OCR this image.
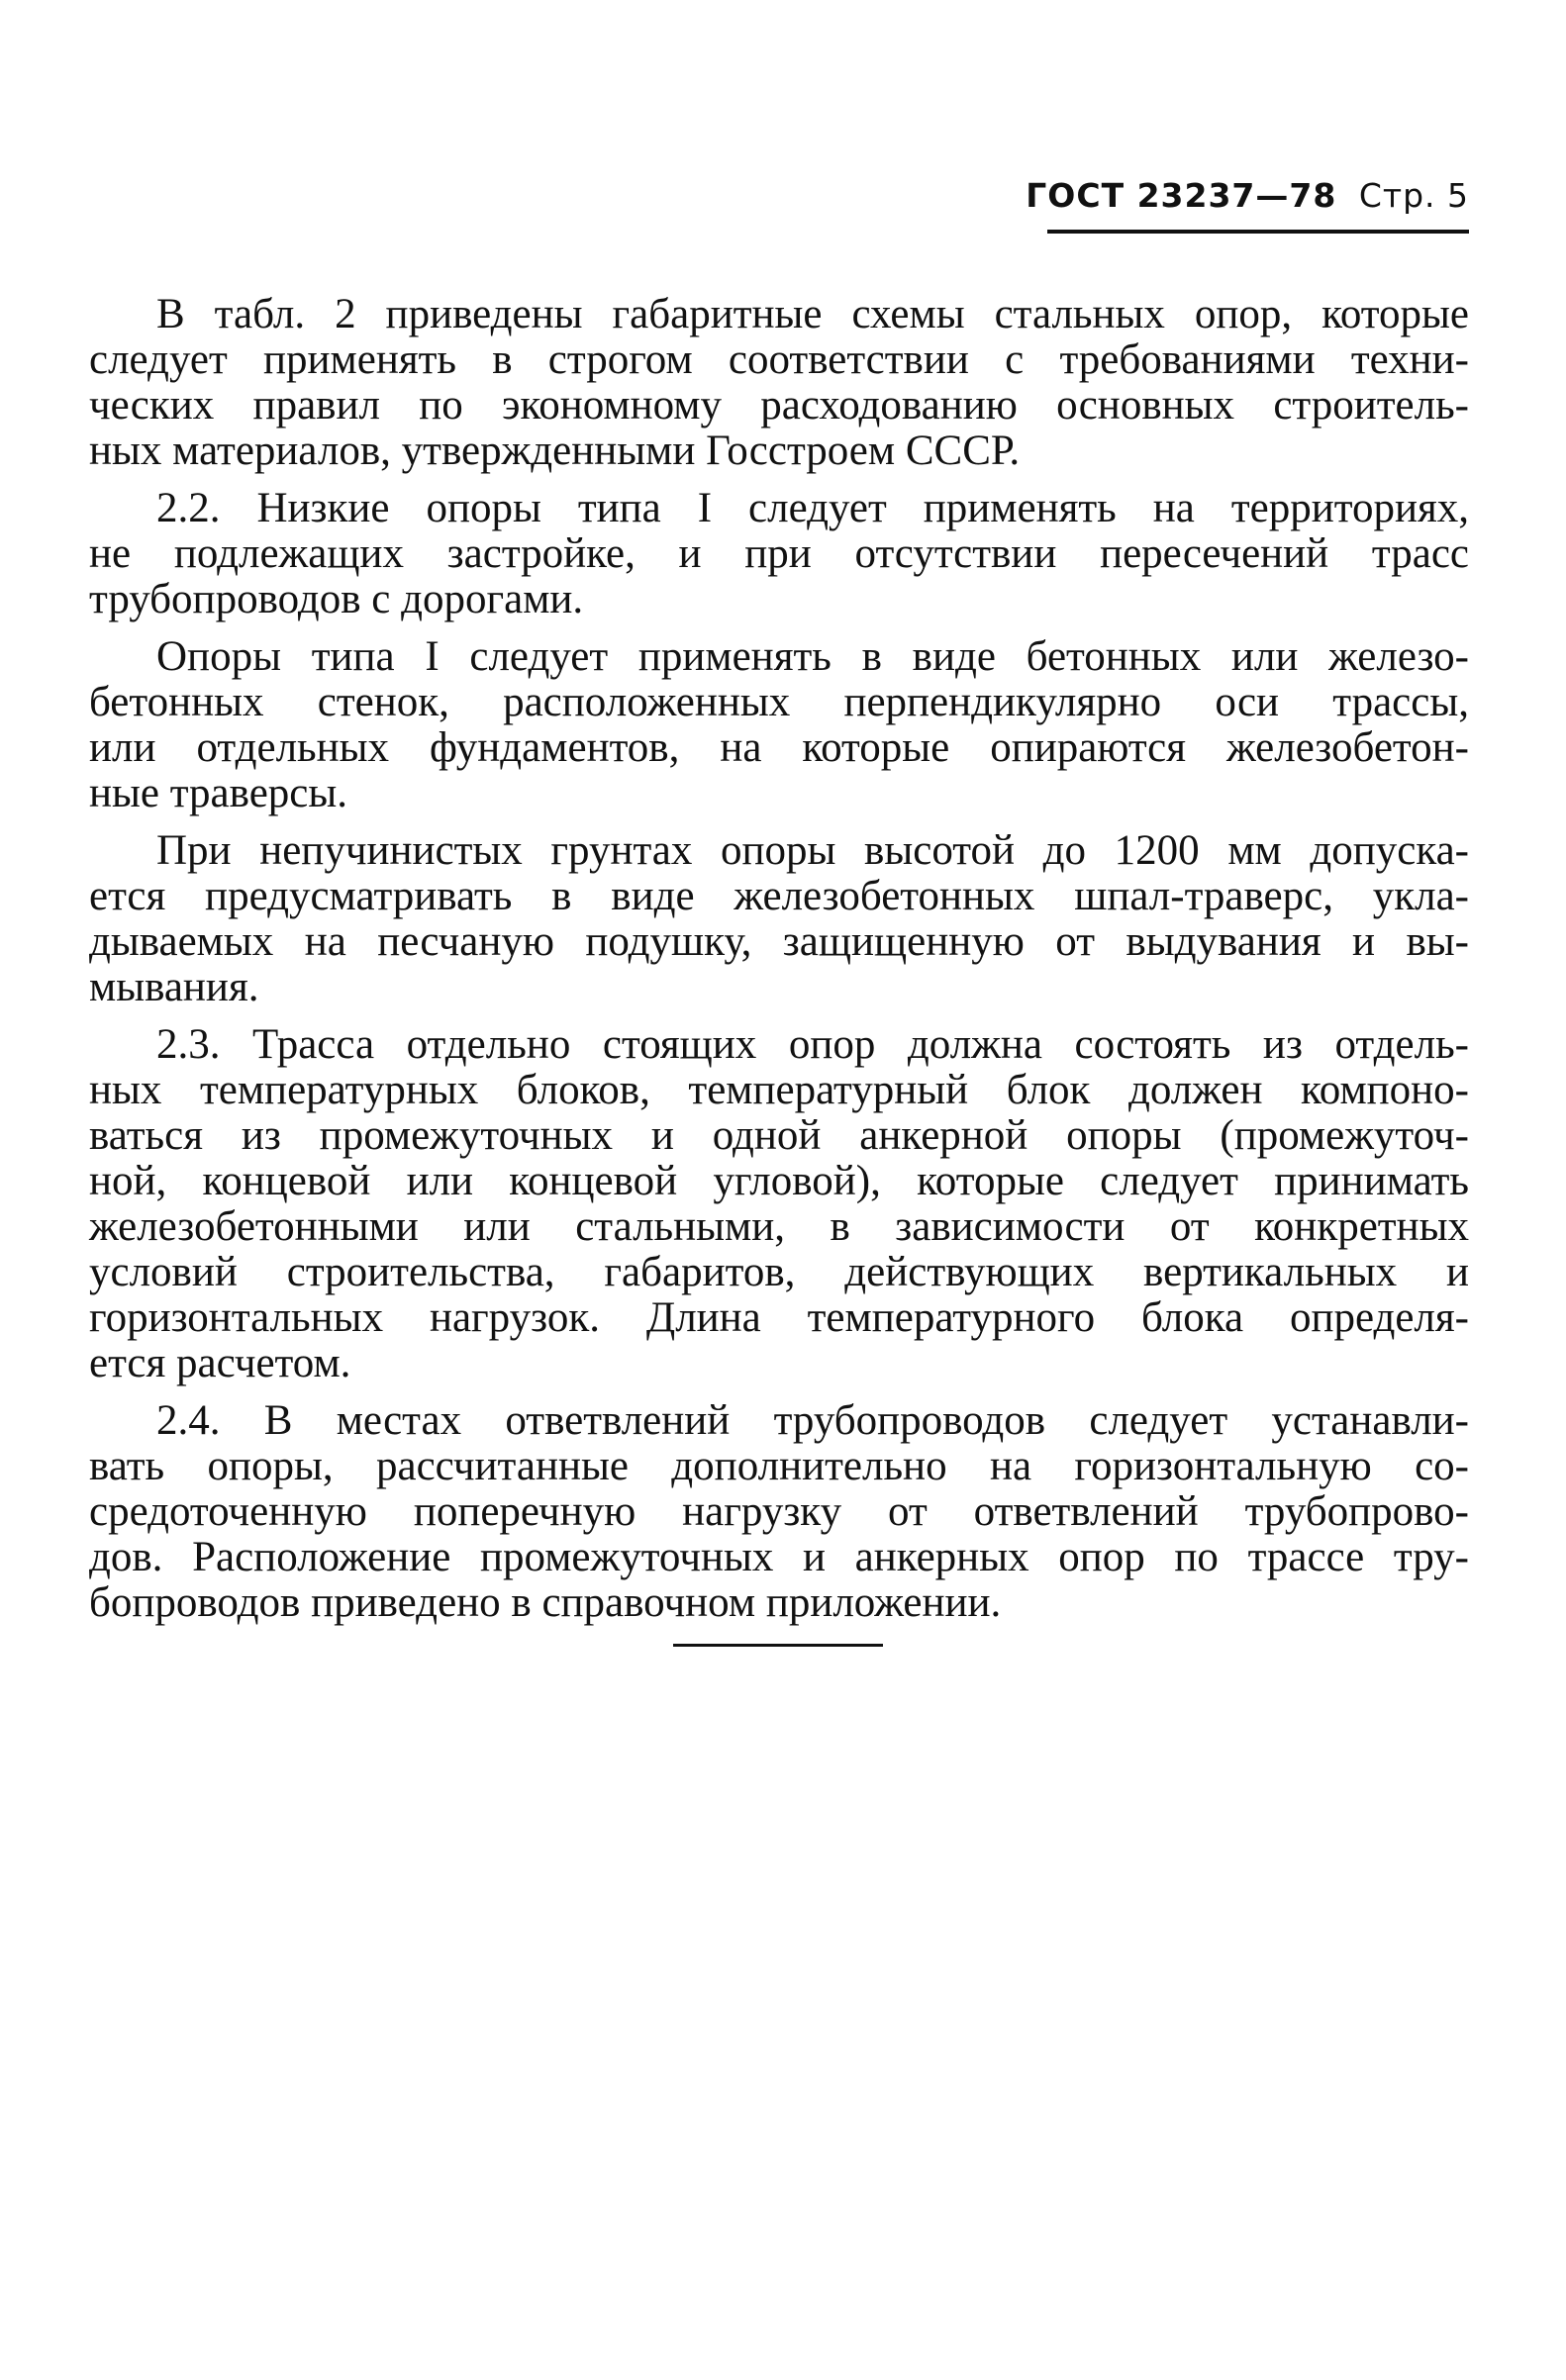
ГОСТ 23237—78 Стр. 5

В табл. 2 приведены габаритные схемы стальных опор, которые
следует применять в строгом соответствии с требованиями техни-
ческих правил по экономному расходованию основных строитель-
ных материалов, утвержденными Госстроем СССР.

2.2. Низкие опоры типа I следует применять на территориях,
не подлежащих застройке, и при отсутствии пересечений трасс
трубопроводов с дорогами.

Опоры типа I следует применять в виде бетонных или железо-
бетонных стенок, расположенных перпендикулярно оси трассы,
или отдельных фундаментов, на которые опираются железобетон-
ные траверсы.

При непучинистых грунтах опоры высотой до 1200 мм допуска-
ется предусматривать в виде железобетонных шпал-траверс, укла-
дываемых на песчаную подушку, защищенную от выдувания и вы-
мывания.

2.3. Трасса отдельно стоящих опор должна состоять из отдель-
ных температурных блоков, температурный блок должен компоно-
ваться из промежуточных и одной анкерной опоры (промежуточ-
ной, концевой или концевой угловой), которые следует принимать
железобетонными или стальными, в зависимости от конкретных
условий строительства, габаритов, действующих вертикальных и
горизонтальных нагрузок. Длина температурного блока определя-
ется расчетом.

2.4. В местах ответвлений трубопроводов следует устанавли-
вать опоры, рассчитанные дополнительно на горизонтальную со-
средоточенную поперечную нагрузку от ответвлений трубопрово-
дов. Расположение промежуточных и анкерных опор по трассе тру-
бопроводов приведено в справочном приложении.
